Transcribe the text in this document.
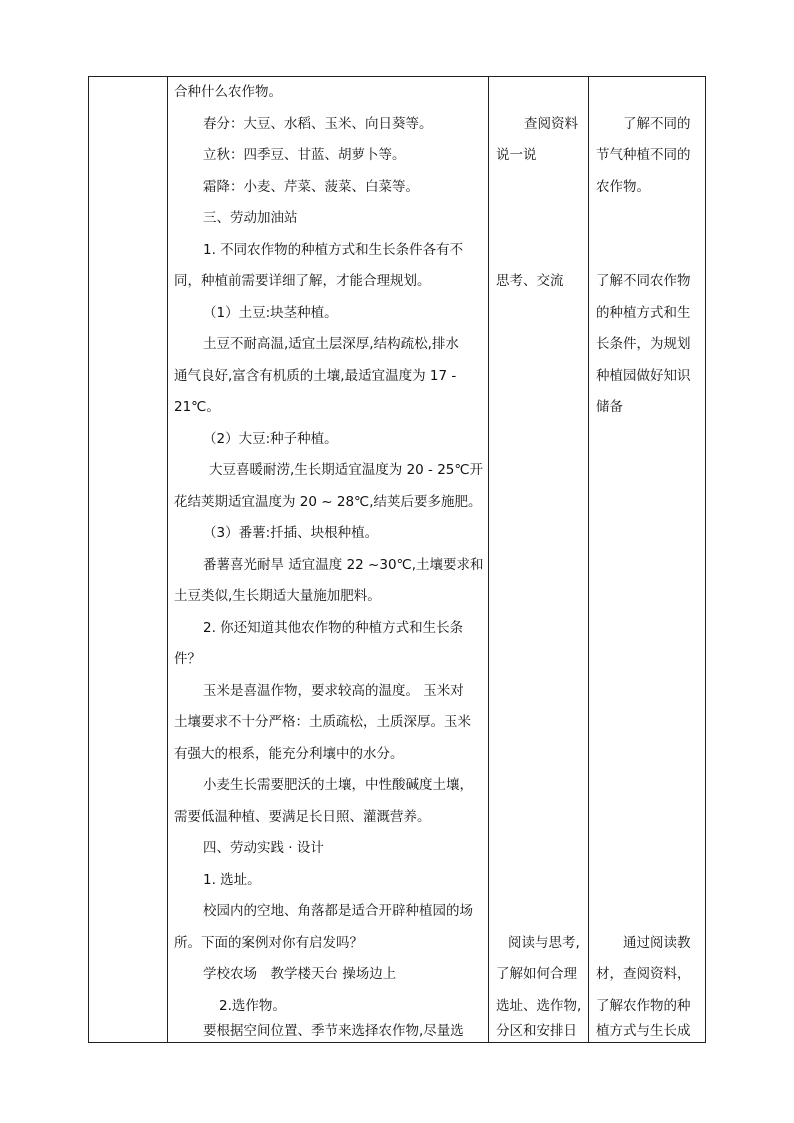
合种什么农作物。
春分：大豆、水稻、玉米、向日葵等。
立秋：四季豆、甘蓝、胡萝卜等。
霜降：小麦、芹菜、菠菜、白菜等。
三、劳动加油站
1. 不同农作物的种植方式和生长条件各有不
同，种植前需要详细了解，才能合理规划。
（1）土豆:块茎种植。
土豆不耐高温,适宜土层深厚,结构疏松,排水
通气良好,富含有机质的土壤,最适宜温度为 17 -
21℃。
（2）大豆:种子种植。
大豆喜暖耐涝,生长期适宜温度为 20 - 25℃开
花结荚期适宜温度为 20 ~ 28℃,结荚后要多施肥。
（3）番薯:扦插、块根种植。
番薯喜光耐旱 适宜温度 22 ~30℃,土壤要求和
土豆类似,生长期适大量施加肥料。
2. 你还知道其他农作物的种植方式和生长条
件？
玉米是喜温作物，要求较高的温度。 玉米对
土壤要求不十分严格：土质疏松，土质深厚。玉米
有强大的根系，能充分利壤中的水分。
小麦生长需要肥沃的土壤，中性酸碱度土壤，
需要低温种植、要满足长日照、灌溉营养。
四、劳动实践 · 设计
1. 选址。
校园内的空地、角落都是适合开辟种植园的场
所。下面的案例对你有启发吗？
学校农场　教学楼天台 操场边上
2.选作物。
要根据空间位置、季节来选择农作物,尽量选
查阅资料
说一说
思考、交流
阅读与思考,
了解如何合理
选址、选作物,
分区和安排日
了解不同的
节气种植不同的
农作物。
了解不同农作物
的种植方式和生
长条件，为规划
种植园做好知识
储备
通过阅读教
材，查阅资料，
了解农作物的种
植方式与生长成
